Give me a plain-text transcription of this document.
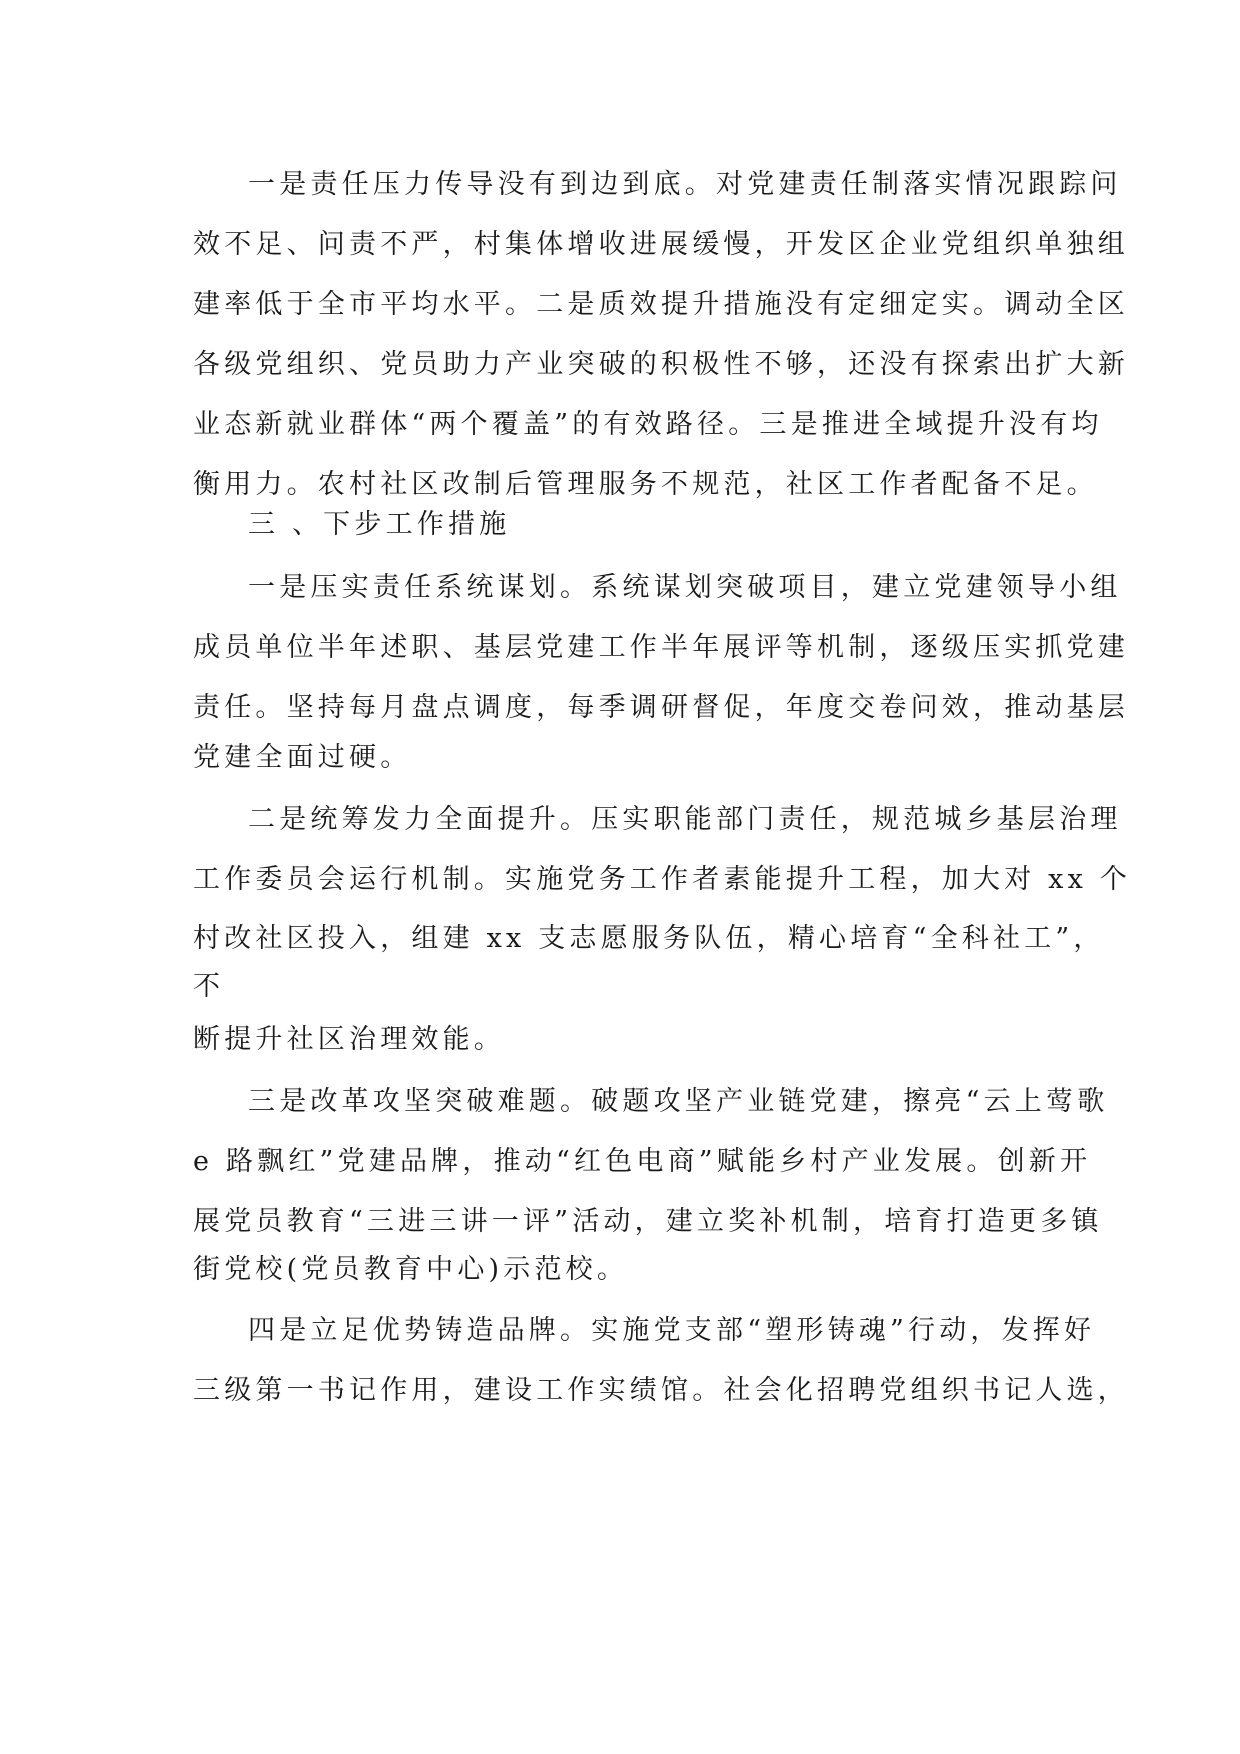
一是责任压力传导没有到边到底。对党建责任制落实情况跟踪问
效不足、问责不严，村集体增收进展缓慢，开发区企业党组织单独组
建率低于全市平均水平。二是质效提升措施没有定细定实。调动全区
各级党组织、党员助力产业突破的积极性不够，还没有探索出扩大新
业态新就业群体“两个覆盖”的有效路径。三是推进全域提升没有均
衡用力。农村社区改制后管理服务不规范，社区工作者配备不足。
三 、下步工作措施
一是压实责任系统谋划。系统谋划突破项目，建立党建领导小组
成员单位半年述职、基层党建工作半年展评等机制，逐级压实抓党建
责任。坚持每月盘点调度，每季调研督促，年度交卷问效，推动基层
党建全面过硬。
二是统筹发力全面提升。压实职能部门责任，规范城乡基层治理
工作委员会运行机制。实施党务工作者素能提升工程，加大对 xx 个
村改社区投入，组建 xx 支志愿服务队伍，精心培育“全科社工”，
不
断提升社区治理效能。
三是改革攻坚突破难题。破题攻坚产业链党建，擦亮“云上莺歌
e 路飘红”党建品牌，推动“红色电商”赋能乡村产业发展。创新开
展党员教育“三进三讲一评”活动，建立奖补机制，培育打造更多镇
街党校(党员教育中心)示范校。
四是立足优势铸造品牌。实施党支部“塑形铸魂”行动，发挥好
三级第一书记作用，建设工作实绩馆。社会化招聘党组织书记人选，
